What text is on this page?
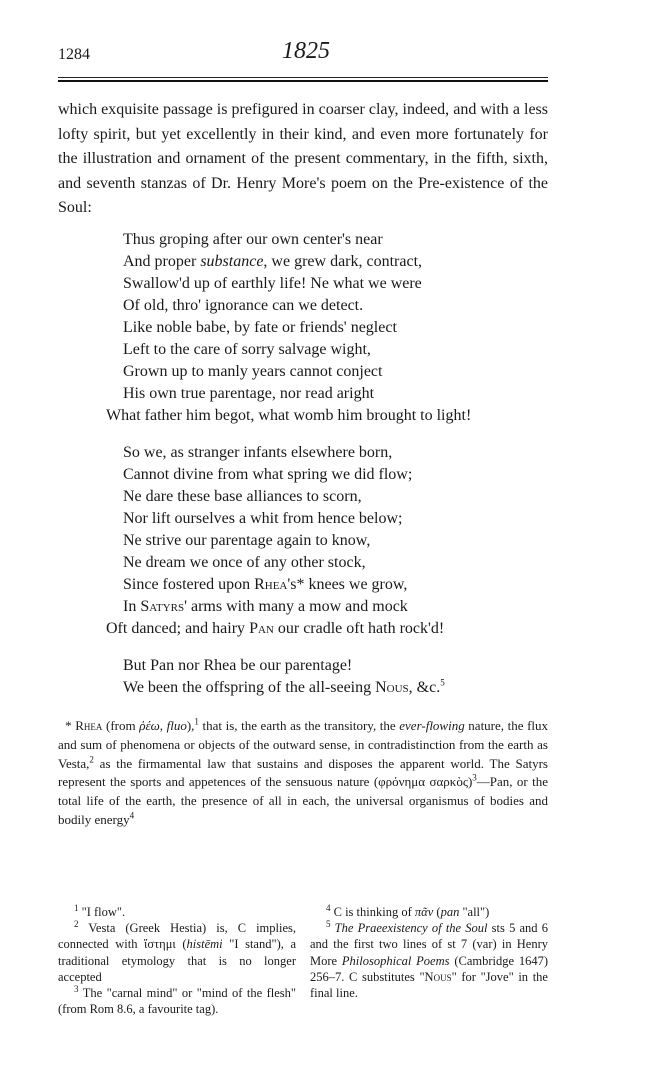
1284	1825
which exquisite passage is prefigured in coarser clay, indeed, and with a less lofty spirit, but yet excellently in their kind, and even more fortunately for the illustration and ornament of the present commentary, in the fifth, sixth, and seventh stanzas of Dr. Henry More's poem on the Pre-existence of the Soul:
Thus groping after our own center's near
And proper substance, we grew dark, contract,
Swallow'd up of earthly life! Ne what we were
Of old, thro' ignorance can we detect.
Like noble babe, by fate or friends' neglect
Left to the care of sorry salvage wight,
Grown up to manly years cannot conject
His own true parentage, nor read aright
What father him begot, what womb him brought to light!
So we, as stranger infants elsewhere born,
Cannot divine from what spring we did flow;
Ne dare these base alliances to scorn,
Nor lift ourselves a whit from hence below;
Ne strive our parentage again to know,
Ne dream we once of any other stock,
Since fostered upon Rhea's* knees we grow,
In Satyrs' arms with many a mow and mock
Oft danced; and hairy Pan our cradle oft hath rock'd!
But Pan nor Rhea be our parentage!
We been the offspring of the all-seeing Nous, &c.$^5$
* Rhea (from ῥέω, fluo),$^1$ that is, the earth as the transitory, the ever-flowing nature, the flux and sum of phenomena or objects of the outward sense, in contradistinction from the earth as Vesta,$^2$ as the firmamental law that sustains and disposes the apparent world. The Satyrs represent the sports and appetences of the sensuous nature (φρόνημα σαρκὸς)$^3$—Pan, or the total life of the earth, the presence of all in each, the universal organismus of bodies and bodily energy$^4$

$^1$ "I flow".

$^2$ Vesta (Greek Hestia) is, C implies, connected with ἵστημι (histēmi "I stand"), a traditional etymology that is no longer accepted

$^3$ The "carnal mind" or "mind of the flesh" (from Rom 8.6, a favourite tag).

$^4$ C is thinking of πᾶν (pan "all")

$^5$ The Praeexistency of the Soul sts 5 and 6 and the first two lines of st 7 (var) in Henry More Philosophical Poems (Cambridge 1647) 256–7. C substitutes "Nous" for "Jove" in the final line.
